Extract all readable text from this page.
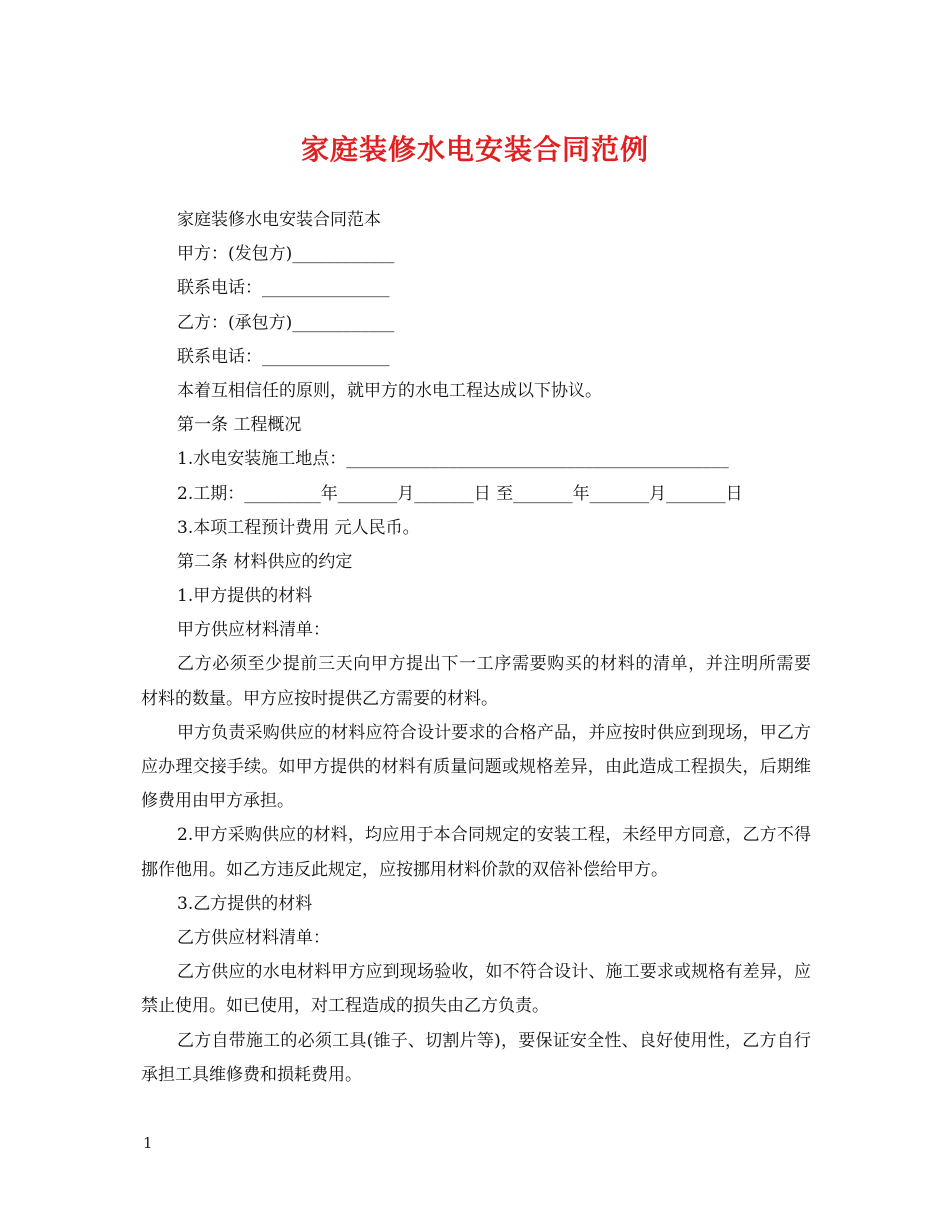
家庭装修水电安装合同范例
家庭装修水电安装合同范本
甲方：(发包方)____________
联系电话：_______________
乙方：(承包方)____________
联系电话：_______________
本着互相信任的原则，就甲方的水电工程达成以下协议。
第一条 工程概况
1.水电安装施工地点：_____________________________________________
2.工期：_________年_______月_______日 至_______年_______月_______日
3.本项工程预计费用 元人民币。
第二条 材料供应的约定
1.甲方提供的材料
甲方供应材料清单：
乙方必须至少提前三天向甲方提出下一工序需要购买的材料的清单，并注明所需要 材料的数量。甲方应按时提供乙方需要的材料。
甲方负责采购供应的材料应符合设计要求的合格产品，并应按时供应到现场，甲乙方应办理交接手续。如甲方提供的材料有质量问题或规格差异，由此造成工程损失，后期维修费用由甲方承担。
2.甲方采购供应的材料，均应用于本合同规定的安装工程，未经甲方同意，乙方不得挪作他用。如乙方违反此规定，应按挪用材料价款的双倍补偿给甲方。
3.乙方提供的材料
乙方供应材料清单：
乙方供应的水电材料甲方应到现场验收，如不符合设计、施工要求或规格有差异，应禁止使用。如已使用，对工程造成的损失由乙方负责。
乙方自带施工的必须工具(锥子、切割片等)，要保证安全性、良好使用性，乙方自行承担工具维修费和损耗费用。
1
